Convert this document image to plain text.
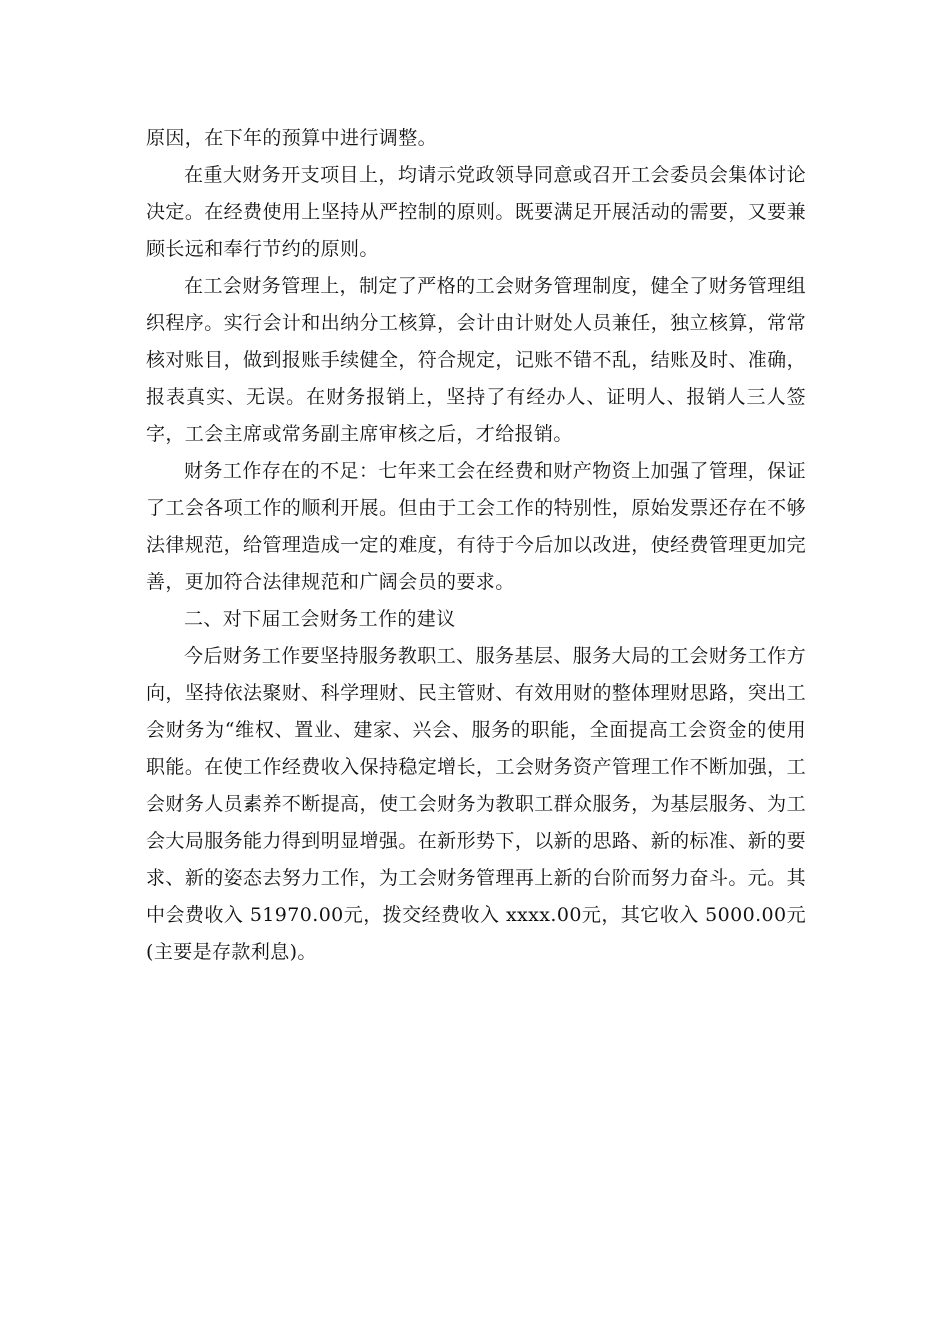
原因，在下年的预算中进行调整。

在重大财务开支项目上，均请示党政领导同意或召开工会委员会集体讨论决定。在经费使用上坚持从严控制的原则。既要满足开展活动的需要，又要兼顾长远和奉行节约的原则。

在工会财务管理上，制定了严格的工会财务管理制度，健全了财务管理组织程序。实行会计和出纳分工核算，会计由计财处人员兼任，独立核算，常常核对账目，做到报账手续健全，符合规定，记账不错不乱，结账及时、准确，报表真实、无误。在财务报销上，坚持了有经办人、证明人、报销人三人签字，工会主席或常务副主席审核之后，才给报销。

财务工作存在的不足：七年来工会在经费和财产物资上加强了管理，保证了工会各项工作的顺利开展。但由于工会工作的特别性，原始发票还存在不够法律规范，给管理造成一定的难度，有待于今后加以改进，使经费管理更加完善，更加符合法律规范和广阔会员的要求。

二、对下届工会财务工作的建议

今后财务工作要坚持服务教职工、服务基层、服务大局的工会财务工作方向，坚持依法聚财、科学理财、民主管财、有效用财的整体理财思路，突出工会财务为“维权、置业、建家、兴会、服务的职能，全面提高工会资金的使用职能。在使工作经费收入保持稳定增长，工会财务资产管理工作不断加强，工会财务人员素养不断提高，使工会财务为教职工群众服务，为基层服务、为工会大局服务能力得到明显增强。在新形势下，以新的思路、新的标准、新的要求、新的姿态去努力工作，为工会财务管理再上新的台阶而努力奋斗。元。其中会费收入 51970.00元，拨交经费收入 xxxx.00元，其它收入 5000.00元(主要是存款利息)。
